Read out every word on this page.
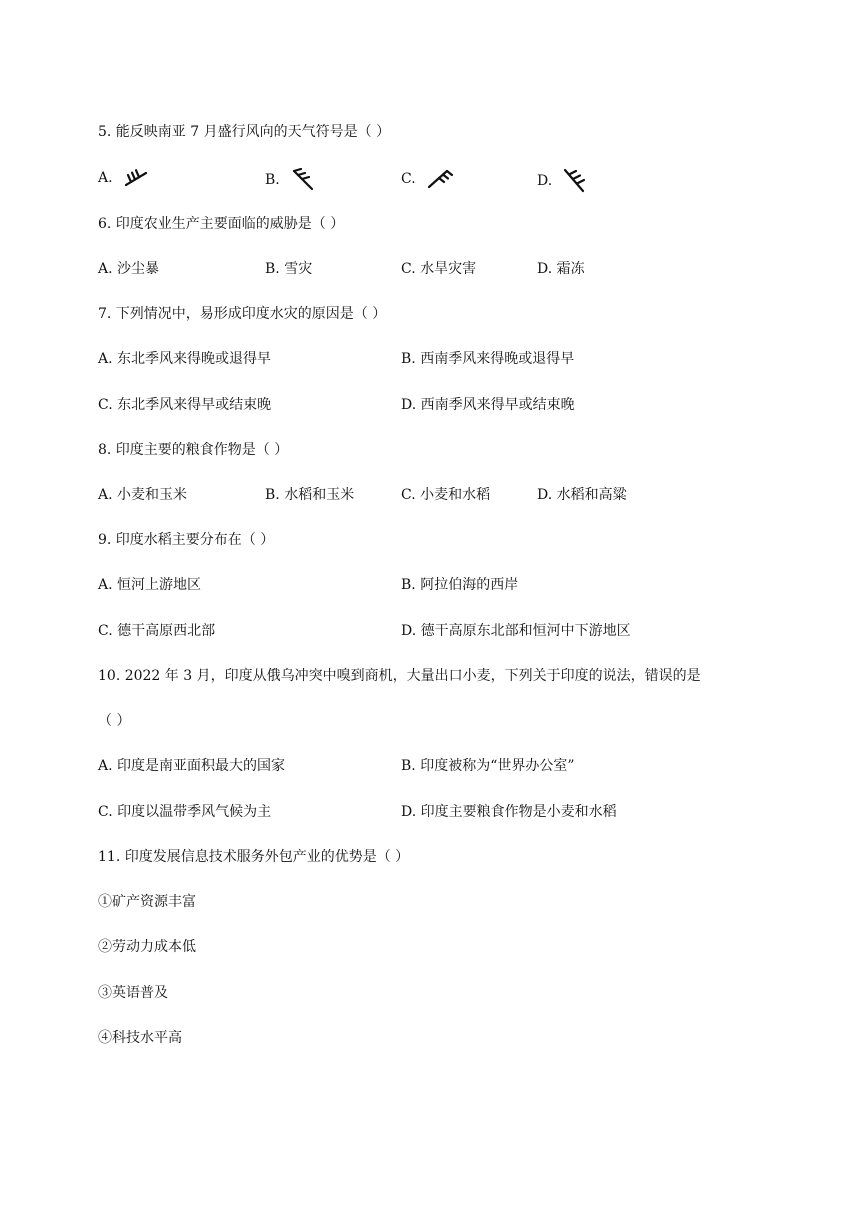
5. 能反映南亚 7 月盛行风向的天气符号是（ ）
A.	B.	C.	D.
6. 印度农业生产主要面临的威胁是（ ）
A. 沙尘暴	B. 雪灾	C. 水旱灾害	D. 霜冻
7. 下列情况中，易形成印度水灾的原因是（ ）
A. 东北季风来得晚或退得早	B. 西南季风来得晚或退得早
C. 东北季风来得早或结束晚	D. 西南季风来得早或结束晚
8. 印度主要的粮食作物是（ ）
A. 小麦和玉米	B. 水稻和玉米	C. 小麦和水稻	D. 水稻和高粱
9. 印度水稻主要分布在（ ）
A. 恒河上游地区	B. 阿拉伯海的西岸
C. 德干高原西北部	D. 德干高原东北部和恒河中下游地区
10. 2022 年 3 月，印度从俄乌冲突中嗅到商机，大量出口小麦，下列关于印度的说法，错误的是
（ ）
A. 印度是南亚面积最大的国家	B. 印度被称为“世界办公室”
C. 印度以温带季风气候为主	D. 印度主要粮食作物是小麦和水稻
11. 印度发展信息技术服务外包产业的优势是（ ）
①矿产资源丰富
②劳动力成本低
③英语普及
④科技水平高
